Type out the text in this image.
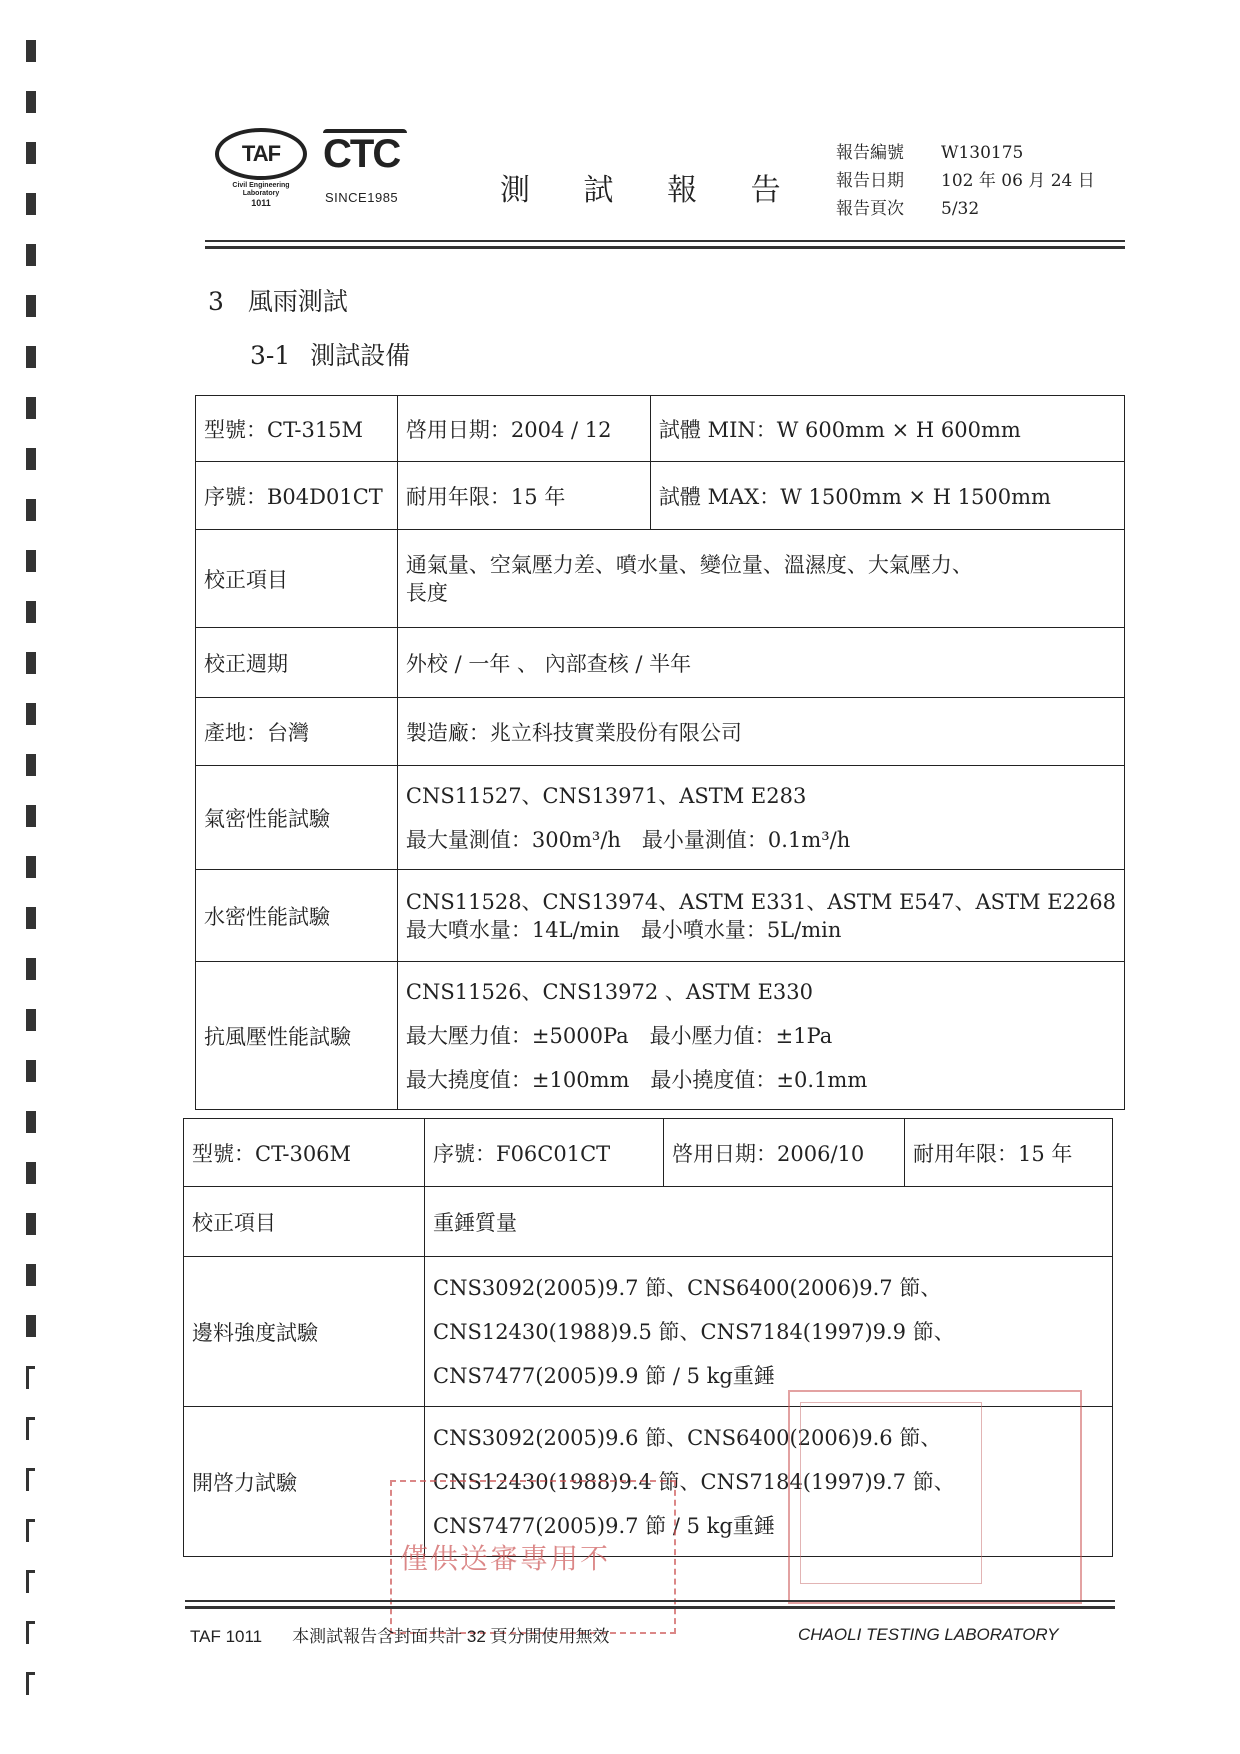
TAF
Civil Engineering
Laboratory
1011
CTC
SINCE1985	測 試 報 告
報告編號 W130175
報告日期 102 年 06 月 24 日
報告頁次 5/32
3 風雨測試
3-1 測試設備
型號：CT-315M	啓用日期：2004 / 12	試體 MIN：W 600mm × H 600mm
序號：B04D01CT	耐用年限：15 年	試體 MAX：W 1500mm × H 1500mm
校正項目	通氣量、空氣壓力差、噴水量、變位量、溫濕度、大氣壓力、
長度	

校正週期	外校 / 一年 、 內部查核 / 半年	
產地：台灣	製造廠：兆立科技實業股份有限公司	
氣密性能試驗	CNS11527、CNS13971、ASTM E283
最大量測值：300m³/h　最小量測值：0.1m³/h	

水密性能試驗	CNS11528、CNS13974、ASTM E331、ASTM E547、ASTM E2268
最大噴水量：14L/min　最小噴水量：5L/min	

抗風壓性能試驗	CNS11526、CNS13972 、ASTM E330
最大壓力值：±5000Pa　最小壓力值：±1Pa
最大撓度值：±100mm　最小撓度值：±0.1mm	
型號：CT-306M	序號：F06C01CT	啓用日期：2006/10	耐用年限：15 年
校正項目	重錘質量		
邊料強度試驗	CNS3092(2005)9.7 節、CNS6400(2006)9.7 節、
CNS12430(1988)9.5 節、CNS7184(1997)9.9 節、
CNS7477(2005)9.9 節 / 5 kg重錘		

開啓力試驗	CNS3092(2005)9.6 節、CNS6400(2006)9.6 節、
CNS12430(1988)9.4 節、CNS7184(1997)9.7 節、
CNS7477(2005)9.7 節 / 5 kg重錘		
僅供送審專用不
TAF 1011 本測試報告含封面共計 32 頁分開使用無效	CHAOLI TESTING LABORATORY
